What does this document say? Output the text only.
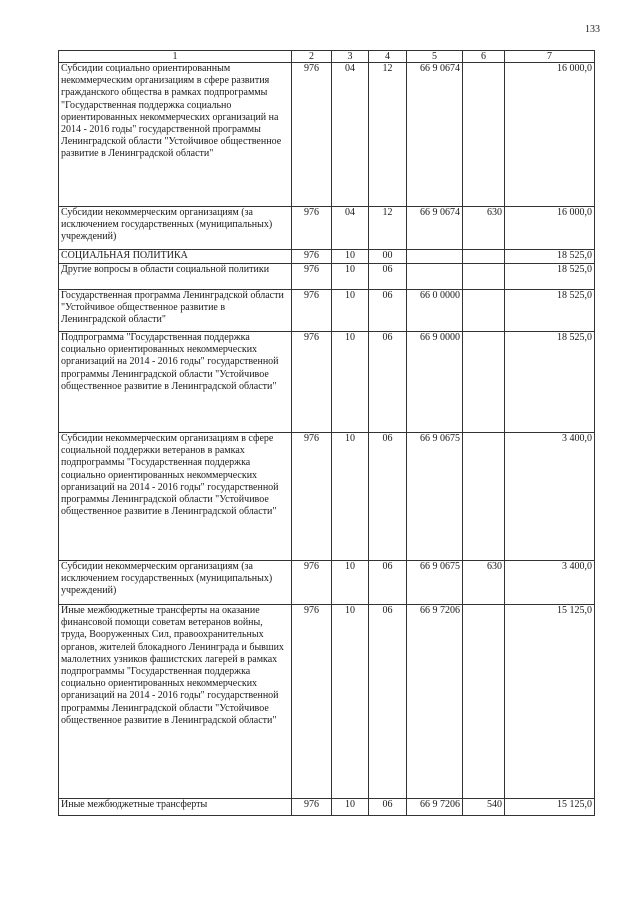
133
1	2	3	4	5	6	7
Субсидии социально ориентированным некоммерческим организациям в сфере развития гражданского общества в рамках подпрограммы "Государственная поддержка социально ориентированных некоммерческих организаций на 2014 - 2016 годы" государственной программы Ленинградской области "Устойчивое общественное развитие в Ленинградской области"	976	04	12	66 9 0674		16 000,0
Субсидии некоммерческим организациям (за исключением государственных (муниципальных) учреждений)	976	04	12	66 9 0674	630	16 000,0
СОЦИАЛЬНАЯ ПОЛИТИКА	976	10	00			18 525,0
Другие вопросы в области социальной политики	976	10	06			18 525,0
Государственная программа Ленинградской области "Устойчивое общественное развитие в Ленинградской области"	976	10	06	66 0 0000		18 525,0
Подпрограмма "Государственная поддержка социально ориентированных некоммерческих организаций на 2014 - 2016 годы" государственной программы Ленинградской области "Устойчивое общественное развитие в Ленинградской области"	976	10	06	66 9 0000		18 525,0
Субсидии некоммерческим организациям в сфере социальной поддержки ветеранов в рамках подпрограммы "Государственная поддержка социально ориентированных некоммерческих организаций на 2014 - 2016 годы" государственной программы Ленинградской области "Устойчивое общественное развитие в Ленинградской области"	976	10	06	66 9 0675		3 400,0
Субсидии некоммерческим организациям (за исключением государственных (муниципальных) учреждений)	976	10	06	66 9 0675	630	3 400,0
Иные межбюджетные трансферты на оказание финансовой помощи советам ветеранов войны, труда, Вооруженных Сил, правоохранительных органов, жителей блокадного Ленинграда и бывших малолетних узников фашистских лагерей в рамках подпрограммы "Государственная поддержка социально ориентированных некоммерческих организаций на 2014 - 2016 годы" государственной программы Ленинградской области "Устойчивое общественное развитие в Ленинградской области"	976	10	06	66 9 7206		15 125,0
Иные межбюджетные трансферты	976	10	06	66 9 7206	540	15 125,0
